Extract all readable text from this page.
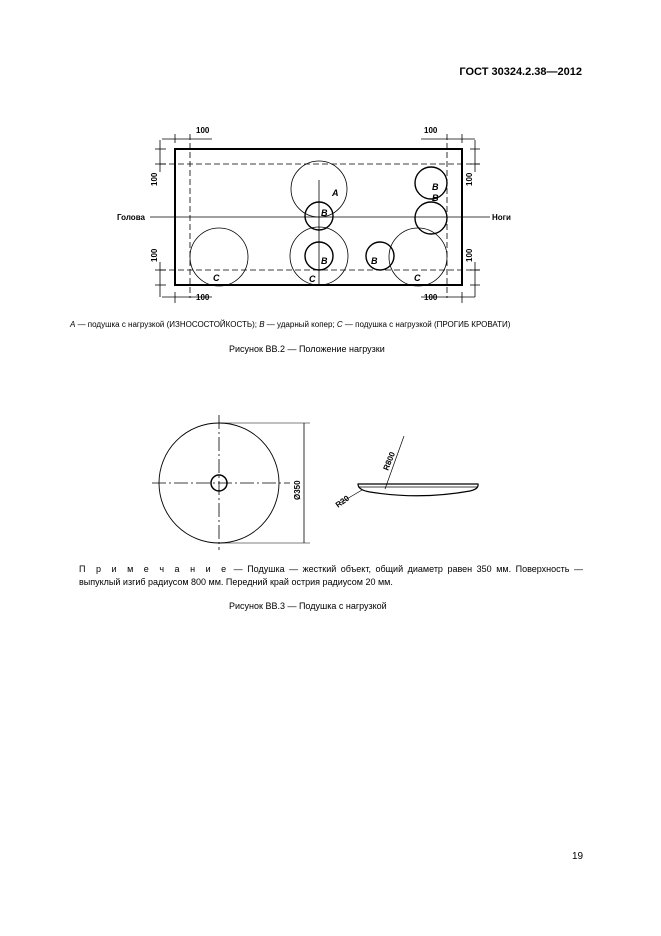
ГОСТ 30324.2.38—2012
100	100
100	100
100
100
100
100
Голова	Ноги
A
B
B
C
C
B
C
B
B
Ø350
R800
R20
A — подушка с нагрузкой (ИЗНОСОСТОЙКОСТЬ); B — ударный копер; C — подушка с нагрузкой (ПРОГИБ КРОВАТИ)
Рисунок ВВ.2 — Положение нагрузки
П р и м е ч а н и е — Подушка — жесткий объект, общий диаметр равен 350 мм. Поверхность — выпуклый изгиб радиусом 800 мм. Передний край острия радиусом 20 мм.
Рисунок ВВ.3 — Подушка с нагрузкой
19
